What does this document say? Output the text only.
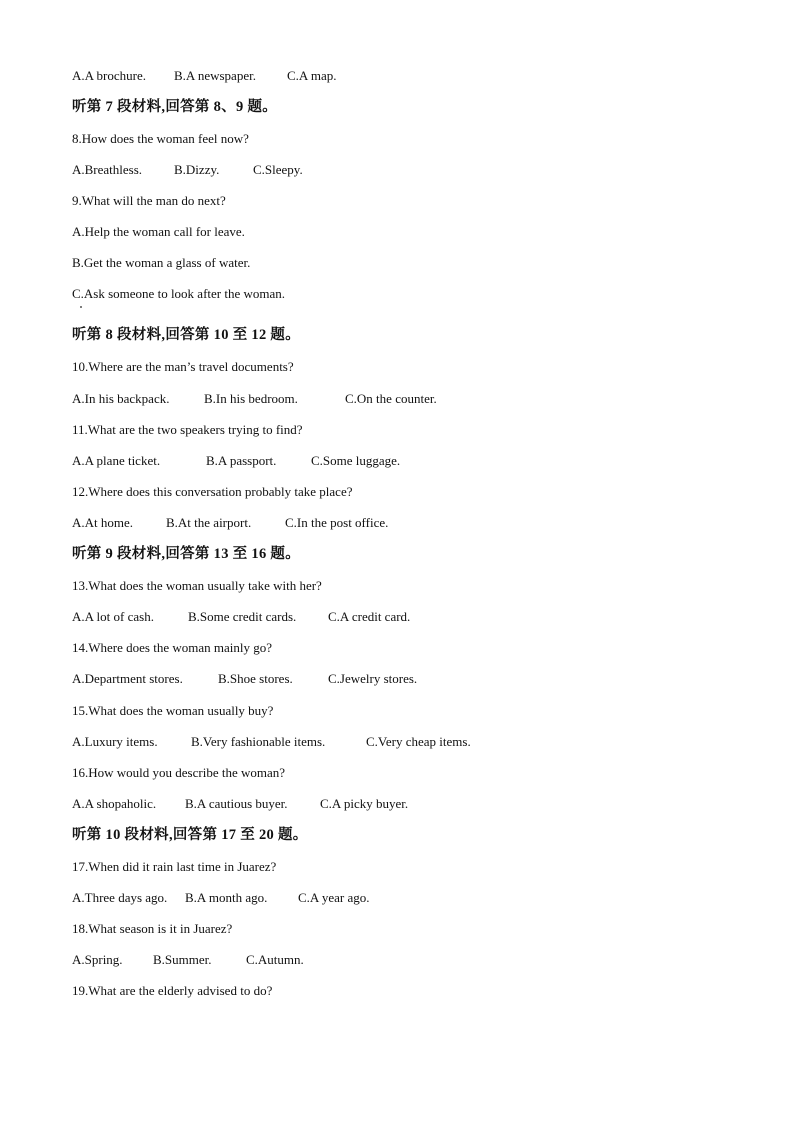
A.A brochure. B.A newspaper. C.A map.
听第 7 段材料,回答第 8、9 题。
8.How does the woman feel now?
A.Breathless. B.Dizzy.	C.Sleepy.
9.What will the man do next?
A.Help the woman call for leave.
B.Get the woman a glass of water.
C.Ask someone to look after the woman.
听第 8 段材料,回答第 10 至 12 题。
10.Where are the man’s travel documents?
A.In his backpack.	B.In his bedroom.	C.On the counter.
11.What are the two speakers trying to find?
A.A plane ticket.	B.A passport.	C.Some luggage.
12.Where does this conversation probably take place?
A.At home.	B.At the airport.	C.In the post office.
听第 9 段材料,回答第 13 至 16 题。
13.What does the woman usually take with her?
A.A lot of cash.	B.Some credit cards. C.A credit card.
14.Where does the woman mainly go?
A.Department stores.	B.Shoe stores.	C.Jewelry stores.
15.What does the woman usually buy?
A.Luxury items.	B.Very fashionable items.	C.Very cheap items.
16.How would you describe the woman?
A.A shopaholic. B.A cautious buyer. C.A picky buyer.
听第 10 段材料,回答第 17 至 20 题。
17.When did it rain last time in Juarez?
A.Three days ago. B.A month ago. C.A year ago.
18.What season is it in Juarez?
A.Spring. B.Summer.	C.Autumn.
19.What are the elderly advised to do?
